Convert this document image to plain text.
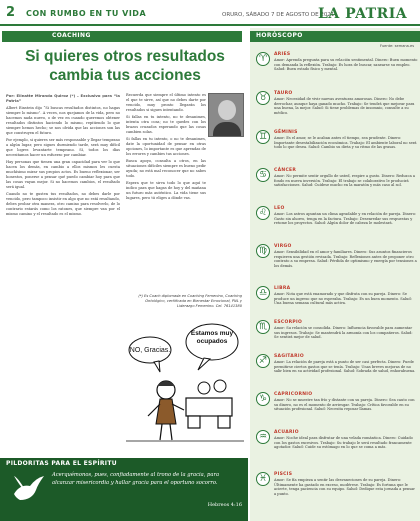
2 CON RUMBO EN TU VIDA	ORURO, SÁBADO 7 DE AGOSTO DE 2021
LA PATRIA
COACHING
Si quieres otros resultados cambia tus acciones
Por: Elinatte Miranda Quiroz (*) – Exclusivo para “la Patria”

Albert Einstein dijo “Si buscas resultados distintos, no hagas siempre lo mismo”. A veces, nos quejamos de la vida, pero no hacemos nada nuevo, o de vez en cuando queremos obtener resultados distintos haciendo lo mismo, repitiendo lo que siempre hemos hecho; se nos olvida que las acciones son las que construyen el futuro.

Por ejemplo, si quieres ser más responsable y llegar temprano a algún lugar, pero sigues durmiendo tarde, será muy difícil que logres levantarte temprano. Sí, todos los días necesitamos hacer un esfuerzo por cambiar.

Hay personas que tienen una gran capacidad para ver lo que hacen los demás, en cambio a ellos mismos les cuesta muchísimo mirar sus propios actos. Es bueno reflexionar, ser honestos, ponerse a pensar qué puedo cambiar hoy para que las cosas vayan mejor. Si no hacemos cambios, el resultado será igual.

Cuando no te gusten tus resultados, no debes darle por vencido, pero tampoco insistir en algo que no está resultando, debes probar otra manera, otro camino para resolverlo, de lo contrario estarás como los ratones, que siempre van por el mismo camino y el resultado es el mismo.

Recuerda que siempre el último intento es el que te sirve, así que no debes darte por vencido, muy pronto llegarán los resultados si sigues intentando.

Si fallas en tu intento, no te desanimes, intenta otra cosa; no te quedes con los brazos cruzados esperando que las cosas cambien solas.

Si fallas en tu intento, o no te desanimes, date la oportunidad de pensar en otras opciones, lo importante es que aprendas de los errores y cambies tus acciones.

Busca apoyo, consulta a otros, en las situaciones difíciles siempre es bueno pedir ayuda; no está mal reconocer que no sabes todo.

Espera que te sirva todo lo que aquí te indico para que hagas de hoy y del mañana un futuro más auténtico. La vida tiene sus lugares, pero tú eliges a dónde vas.

(*) Es Coach diplomada en Coaching Femenino, Coaching Ontológico, certificada en Bienestar Emocional, PNL y Liderazgo Femenino. Cel. 76141380
NO, Gracias.
Estamos muy ocupados
PILDORITAS PARA EL ESPÍRITU
Acerquémonos, pues, confiadamente al trono de la gracia, para alcanzar misericordia y hallar gracia para el oportuno socorro.
Hebreos 4:16
HORÓSCOPO
Fuente: semana.es
♈	ARIES
Amor: Aprenda pregunta para su relación sentimental. Dinero: Buen momento con demanda la reflexión. Trabajo: Es hora de buscar, sanearse su empleo. Salud: Buen estado físico y mental.
♉	TAURO
Amor: Necesidad de vivir nuevas aventuras amorosas. Dinero: No debe derrochar, aunque haya ganado mucho. Trabajo: Se tendrá que mejorar para una buena, la mejor. Salud: Si tiene problemas de insomnio, consulte a su médico.
♊	GÉMINIS
Amor: Es el amor, se le acaban antes el tiempo, sea prudente. Dinero: Importante desestabilización económica. Trabajo: El ambiente laboral no será todo lo que desea. Salud: Cambio su dieta y su ritmo de las grasas.
♋	CÁNCER
Amor: No permite sentir orgullo de usted, respire a gusto. Dinero: Reduzca a fondo en nueva inversión. Trabajo: El trabajo se colaborativo le producirá satisfacciones. Salud: Cuídese mucho en la maratón y más caso al sol.
♌	LEO
Amor: Los astros apuntan un clima agradable y en relación de pareja. Dinero: Gasto sin ahorro, tenga en la factura. Trabajo: Desenredar sus respuestas y retome los proyectos. Salud: Algún dolor de cabeza le molestará.
♍	VIRGO
Amor: Sensibilidad en el amor y familiares. Dinero: Sus asuntos financieros requieren una gestión revisada. Trabajo: Reflexiones antes de proponer otro contrato a su empresa. Salud: Pérdida de optimismo y energía por tensiones a los demás.
♎	LIBRA
Amor: Nota que está enamorado y que disfruta con su pareja. Dinero: Se produce un ingreso que no esperaba. Trabajo: Es un buen momento. Salud: Una buena semana cultural más activa.
♏	ESCORPIO
Amor: Su relación se consolida. Dinero: Influencia favorable para aumentar sus ingresos. Trabajo: Se mantendrá la armonía con los compañeros. Salud: Se sentirá mejor de salud.
♐	SAGITARIO
Amor: La relación de pareja está a punto de ser casi perfecta. Dinero: Puede permitirse ciertos gastos que se tenía. Trabajo: Unas breves mejoras de no salir bien en su actividad profesional. Salud: Sobrada de salud, enhorabuena.
♑	CAPRICORNIO
Amor: No se muestre tan frío y distante con su pareja. Dinero: Sea cauto con su dinero, no es el momento de arriesgar. Trabajo: Crítica favorable en su situación profesional. Salud: Necesita reposar llamas.
♒	ACUARIO
Amor: Noche ideal para disfrutar de una velada romántica. Dinero: Cuidado con los gastos excesivos. Trabajo: Su trabajo le será resultado francamente agotador. Salud: Cuide su estómago en lo que se coma a más.
♓	PISCIS
Amor: Se fía empieza a sentir las desvaneciones de su pareja. Dinero: Últimamente ha gastado en exceso, modérese. Trabajo: Es fortuna que le acierte, tenga paciencia con su equipo. Salud: Dedique esta jornada a pensar a punto.
